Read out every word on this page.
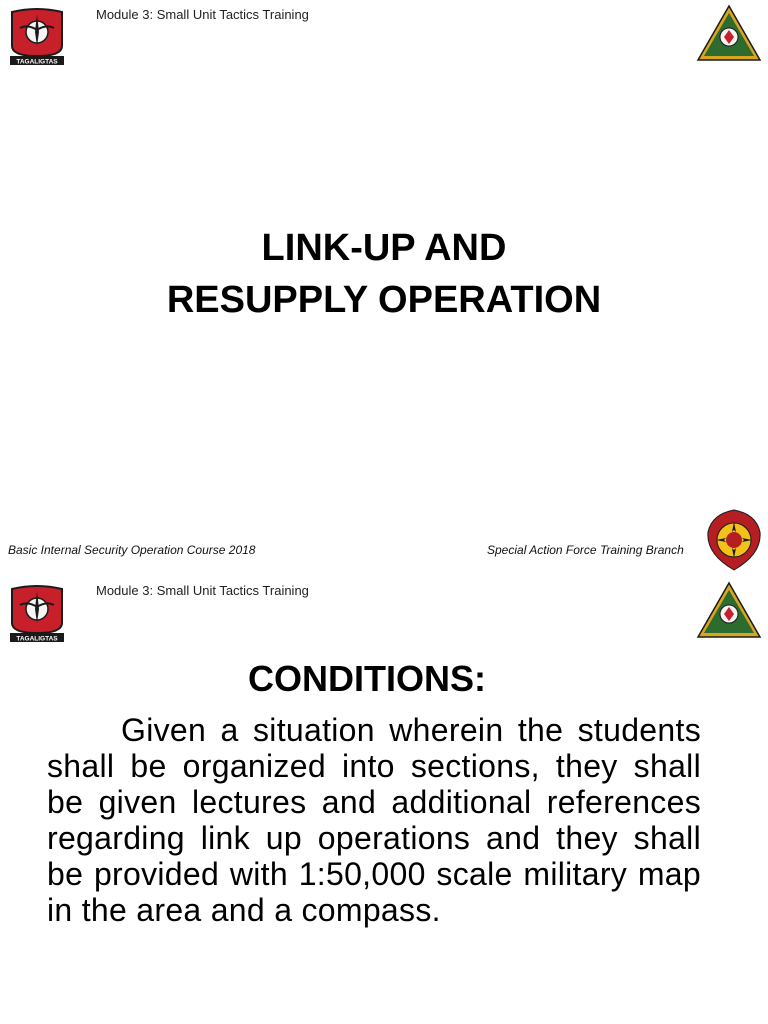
TAGALIGTAS
Module 3: Small Unit Tactics Training
LINK-UP AND
RESUPPLY OPERATION
Basic Internal Security Operation Course 2018	Special Action Force Training Branch
TAGALIGTAS
Module 3: Small Unit Tactics Training
CONDITIONS:

Given a situation wherein the students shall be organized into sections, they shall be given lectures and additional references regarding link up operations and they shall be provided with 1:50,000 scale military map in the area and a compass.
